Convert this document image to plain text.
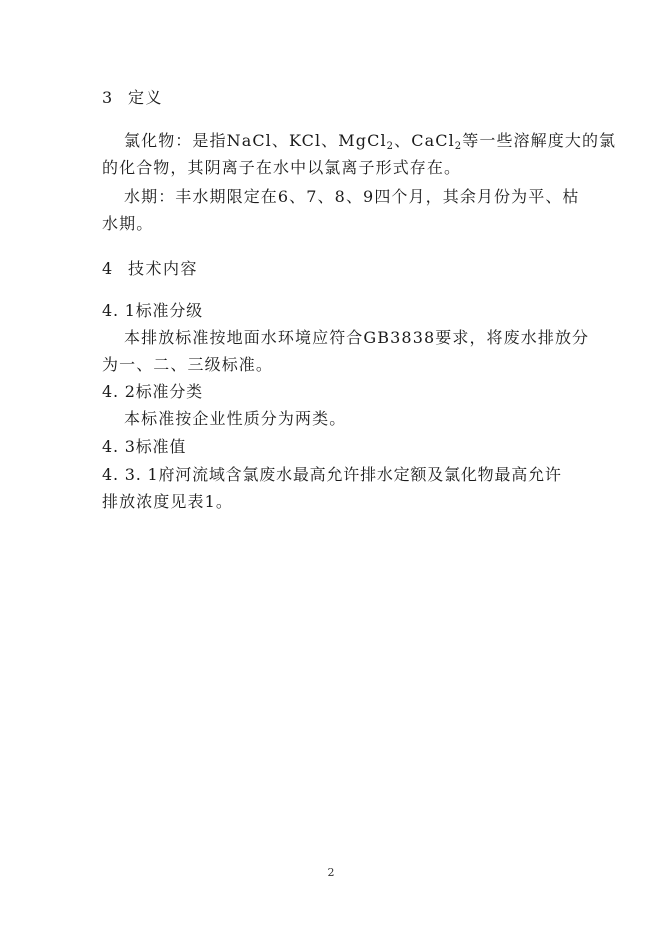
3 定义
氯化物：是指NaCl、KCl、MgCl$_2$、CaCl$_2$等一些溶解度大的氯
的化合物，其阴离子在水中以氯离子形式存在。
水期：丰水期限定在6、7、8、9四个月，其余月份为平、枯
水期。
4 技术内容
4. 1标准分级
本排放标准按地面水环境应符合GB3838要求，将废水排放分
为一、二、三级标准。
4. 2标准分类
本标准按企业性质分为两类。
4. 3标准值
4. 3. 1府河流域含氯废水最高允许排水定额及氯化物最高允许
排放浓度见表1。
2
